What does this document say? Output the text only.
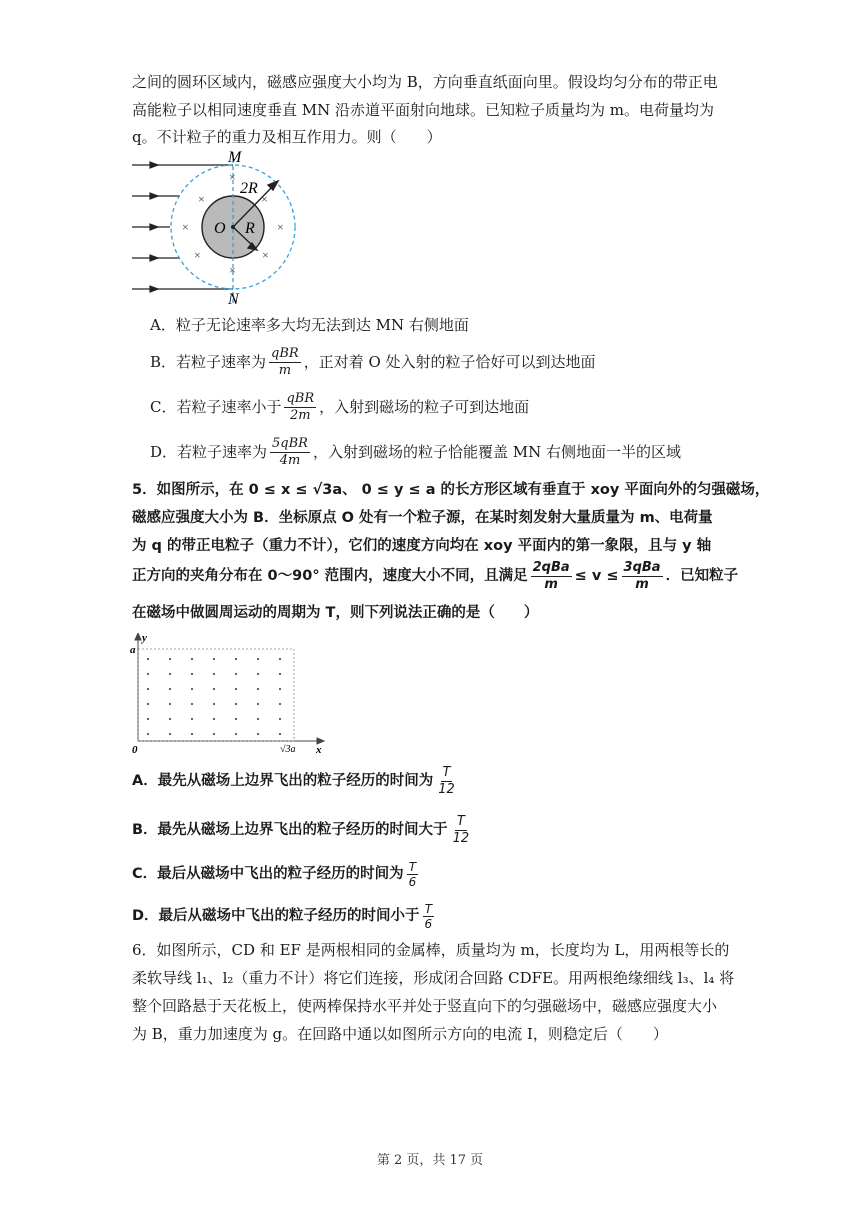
之间的圆环区域内，磁感应强度大小均为 B，方向垂直纸面向里。假设均匀分布的带正电
高能粒子以相同速度垂直 MN 沿赤道平面射向地球。已知粒子质量均为 m。电荷量均为
q。不计粒子的重力及相互作用力。则（　　）
M
N
2R
O R
×
×	×
×	×
×	×
×
A．粒子无论速率多大均无法到达 MN 右侧地面
B．若粒子速率为 $\frac{\text{qBR}}{m}$ ，正对着 O 处入射的粒子恰好可以到达地面
C．若粒子速率小于 $\frac{\text{qBR}}{2m}$ ，入射到磁场的粒子可到达地面
D．若粒子速率为 $\frac{\text{5qBR}}{4m}$ ，入射到磁场的粒子恰能覆盖 MN 右侧地面一半的区域
5．如图所示，在 0 ≤ x ≤ √3a、 0 ≤ y ≤ a 的长方形区域有垂直于 xoy 平面向外的匀强磁场，
磁感应强度大小为 B．坐标原点 O 处有一个粒子源，在某时刻发射大量质量为 m、电荷量
为 q 的带正电粒子（重力不计），它们的速度方向均在 xoy 平面内的第一象限，且与 y 轴
正方向的夹角分布在 0～90° 范围内，速度大小不同，且满足 $\frac{\text{2qBa}}{m} \le v \le \frac{\text{3qBa}}{m}$ ．已知粒子
在磁场中做圆周运动的周期为 T，则下列说法正确的是（　　）
y
x
a
0	√3a
A．最先从磁场上边界飞出的粒子经历的时间为 $\frac{T}{12}$
B．最先从磁场上边界飞出的粒子经历的时间大于 $\frac{T}{12}$
C．最后从磁场中飞出的粒子经历的时间为 $\frac{T}{6}$
D．最后从磁场中飞出的粒子经历的时间小于 $\frac{T}{6}$
6．如图所示，CD 和 EF 是两根相同的金属棒，质量均为 m，长度均为 L，用两根等长的
柔软导线 l₁、l₂（重力不计）将它们连接，形成闭合回路 CDFE。用两根绝缘细线 l₃、l₄ 将
整个回路悬于天花板上，使两棒保持水平并处于竖直向下的匀强磁场中，磁感应强度大小
为 B，重力加速度为 g。在回路中通以如图所示方向的电流 I，则稳定后（　　）
第 2 页，共 17 页
